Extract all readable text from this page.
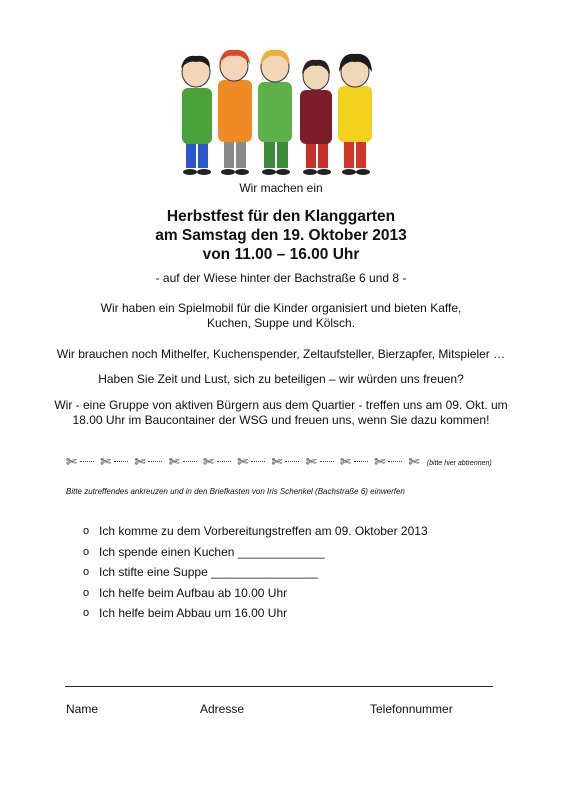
Wir machen ein
Herbstfest für den Klanggarten
am Samstag den 19. Oktober 2013
von 11.00 – 16.00 Uhr
- auf der Wiese hinter der Bachstraße 6 und 8 -
Wir haben ein Spielmobil für die Kinder organisiert und bieten Kaffe,
Kuchen, Suppe und Kölsch.
Wir brauchen noch Mithelfer, Kuchenspender, Zeltaufsteller, Bierzapfer, Mitspieler …
Haben Sie Zeit und Lust, sich zu beteiligen – wir würden uns freuen?
Wir - eine Gruppe von aktiven Bürgern aus dem Quartier - treffen uns am 09. Okt. um
18.00 Uhr im Baucontainer der WSG und freuen uns, wenn Sie dazu kommen!
✄ ✄ ✄ ✄ ✄ ✄ ✄ ✄ ✄ ✄ ✄ (bitte hier abtrennen)
Bitte zutreffendes ankreuzen und in den Briefkasten von Iris Schenkel (Bachstraße 6) einwerfen
o Ich komme zu dem Vorbereitungstreffen am 09. Oktober 2013
o Ich spende einen Kuchen _____________
o Ich stifte eine Suppe ________________
o Ich helfe beim Aufbau ab 10.00 Uhr
o Ich helfe beim Abbau um 16.00 Uhr
Name	Adresse	Telefonnummer
